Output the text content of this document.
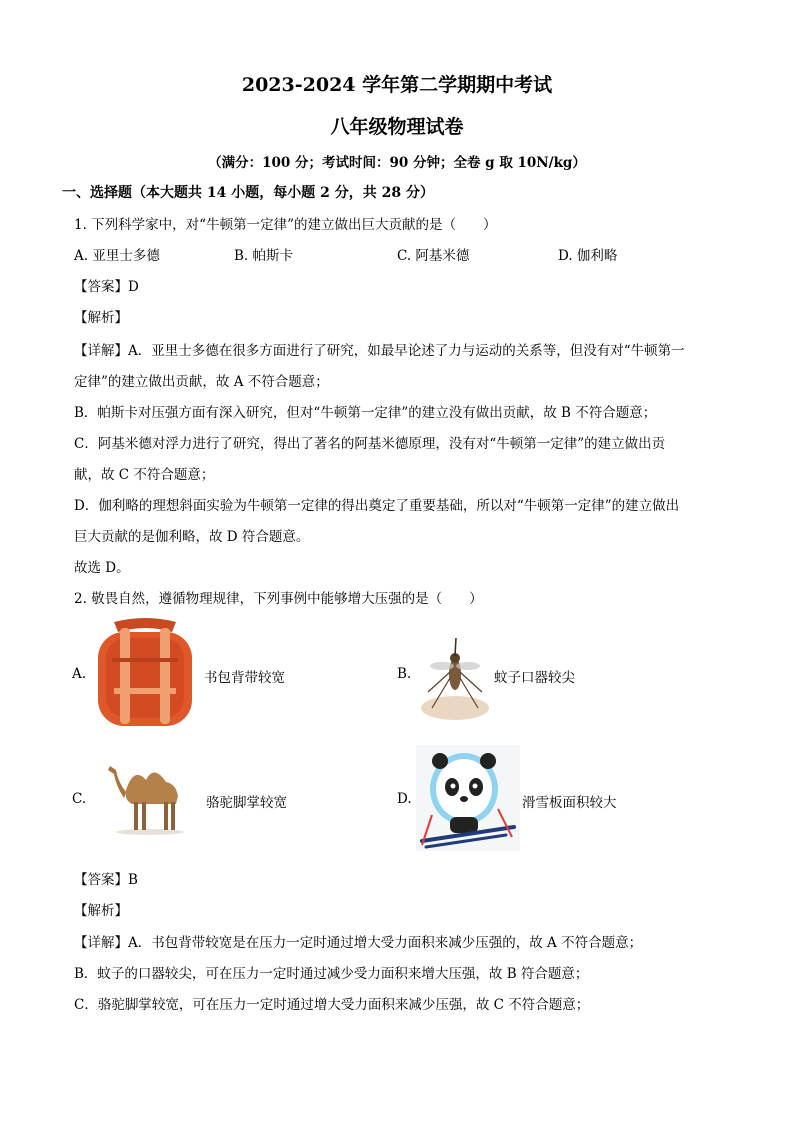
2023-2024 学年第二学期期中考试
八年级物理试卷
（满分：100 分；考试时间：90 分钟；全卷 g 取 10N/kg）
一、选择题（本大题共 14 小题，每小题 2 分，共 28 分）
1. 下列科学家中，对“牛顿第一定律”的建立做出巨大贡献的是（　　）
A. 亚里士多德	B. 帕斯卡	C. 阿基米德	D. 伽利略
【答案】D
【解析】
【详解】A．亚里士多德在很多方面进行了研究，如最早论述了力与运动的关系等，但没有对“牛顿第一
定律”的建立做出贡献，故 A 不符合题意；
B．帕斯卡对压强方面有深入研究，但对“牛顿第一定律”的建立没有做出贡献，故 B 不符合题意；
C．阿基米德对浮力进行了研究，得出了著名的阿基米德原理，没有对“牛顿第一定律”的建立做出贡
献，故 C 不符合题意；
D．伽利略的理想斜面实验为牛顿第一定律的得出奠定了重要基础，所以对“牛顿第一定律”的建立做出
巨大贡献的是伽利略，故 D 符合题意。
故选 D。
2. 敬畏自然，遵循物理规律，下列事例中能够增大压强的是（　　）
A.	书包背带较宽	B.	蚊子口器较尖
C.	骆驼脚掌较宽	D.	滑雪板面积较大
【答案】B
【解析】
【详解】A．书包背带较宽是在压力一定时通过增大受力面积来减少压强的，故 A 不符合题意；
B．蚊子的口器较尖，可在压力一定时通过减少受力面积来增大压强，故 B 符合题意；
C．骆驼脚掌较宽，可在压力一定时通过增大受力面积来减少压强，故 C 不符合题意；
